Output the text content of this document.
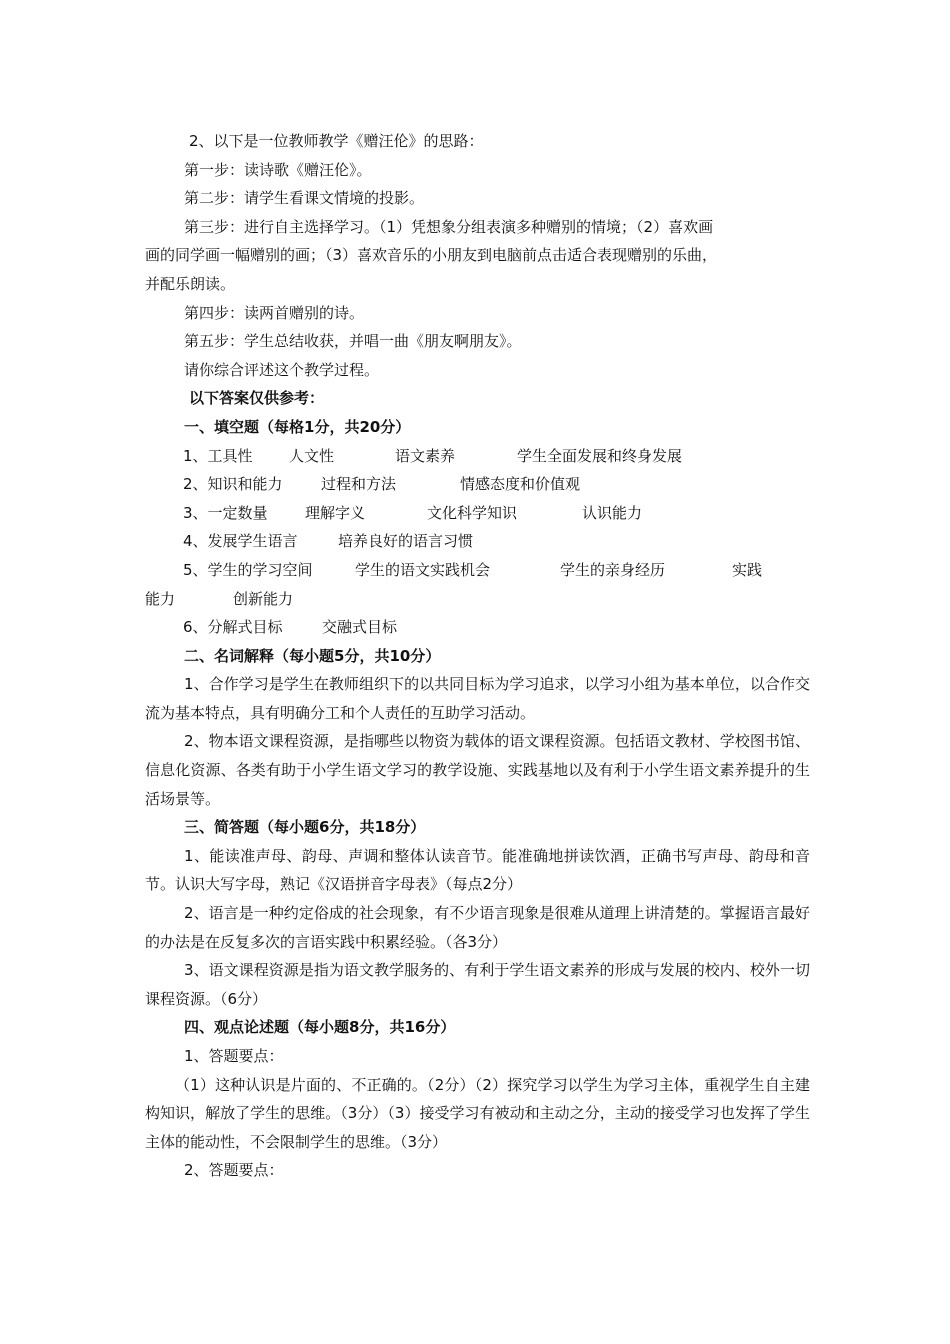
2、以下是一位教师教学《赠汪伦》的思路：

第一步：读诗歌《赠汪伦》。

第二步：请学生看课文情境的投影。

第三步：进行自主选择学习。（1）凭想象分组表演多种赠别的情境；（2）喜欢画

画的同学画一幅赠别的画；（3）喜欢音乐的小朋友到电脑前点击适合表现赠别的乐曲，

并配乐朗读。

第四步：读两首赠别的诗。

第五步：学生总结收获，并唱一曲《朋友啊朋友》。

请你综合评述这个教学过程。

以下答案仅供参考：

一、填空题（每格1分，共20分）

1、工具性	人文性	语文素养	学生全面发展和终身发展
2、知识和能力	过程和方法	情感态度和价值观
3、一定数量	理解字义	文化科学知识	认识能力
4、发展学生语言	培养良好的语言习惯
5、学生的学习空间	学生的语文实践机会	学生的亲身经历	实践
能力	创新能力
6、分解式目标	交融式目标

二、名词解释（每小题5分，共10分）

1、合作学习是学生在教师组织下的以共同目标为学习追求，以学习小组为基本单位，以合作交流为基本特点，具有明确分工和个人责任的互助学习活动。

2、物本语文课程资源，是指哪些以物资为载体的语文课程资源。包括语文教材、学校图书馆、信息化资源、各类有助于小学生语文学习的教学设施、实践基地以及有利于小学生语文素养提升的生活场景等。

三、简答题（每小题6分，共18分）

1、能读准声母、韵母、声调和整体认读音节。能准确地拼读饮酒，正确书写声母、韵母和音节。认识大写字母，熟记《汉语拼音字母表》（每点2分）

2、语言是一种约定俗成的社会现象，有不少语言现象是很难从道理上讲清楚的。掌握语言最好的办法是在反复多次的言语实践中积累经验。（各3分）

3、语文课程资源是指为语文教学服务的、有利于学生语文素养的形成与发展的校内、校外一切课程资源。（6分）

四、观点论述题（每小题8分，共16分）

1、答题要点：

（1）这种认识是片面的、不正确的。（2分）（2）探究学习以学生为学习主体，重视学生自主建构知识，解放了学生的思维。（3分）（3）接受学习有被动和主动之分，主动的接受学习也发挥了学生主体的能动性，不会限制学生的思维。（3分）

2、答题要点：
